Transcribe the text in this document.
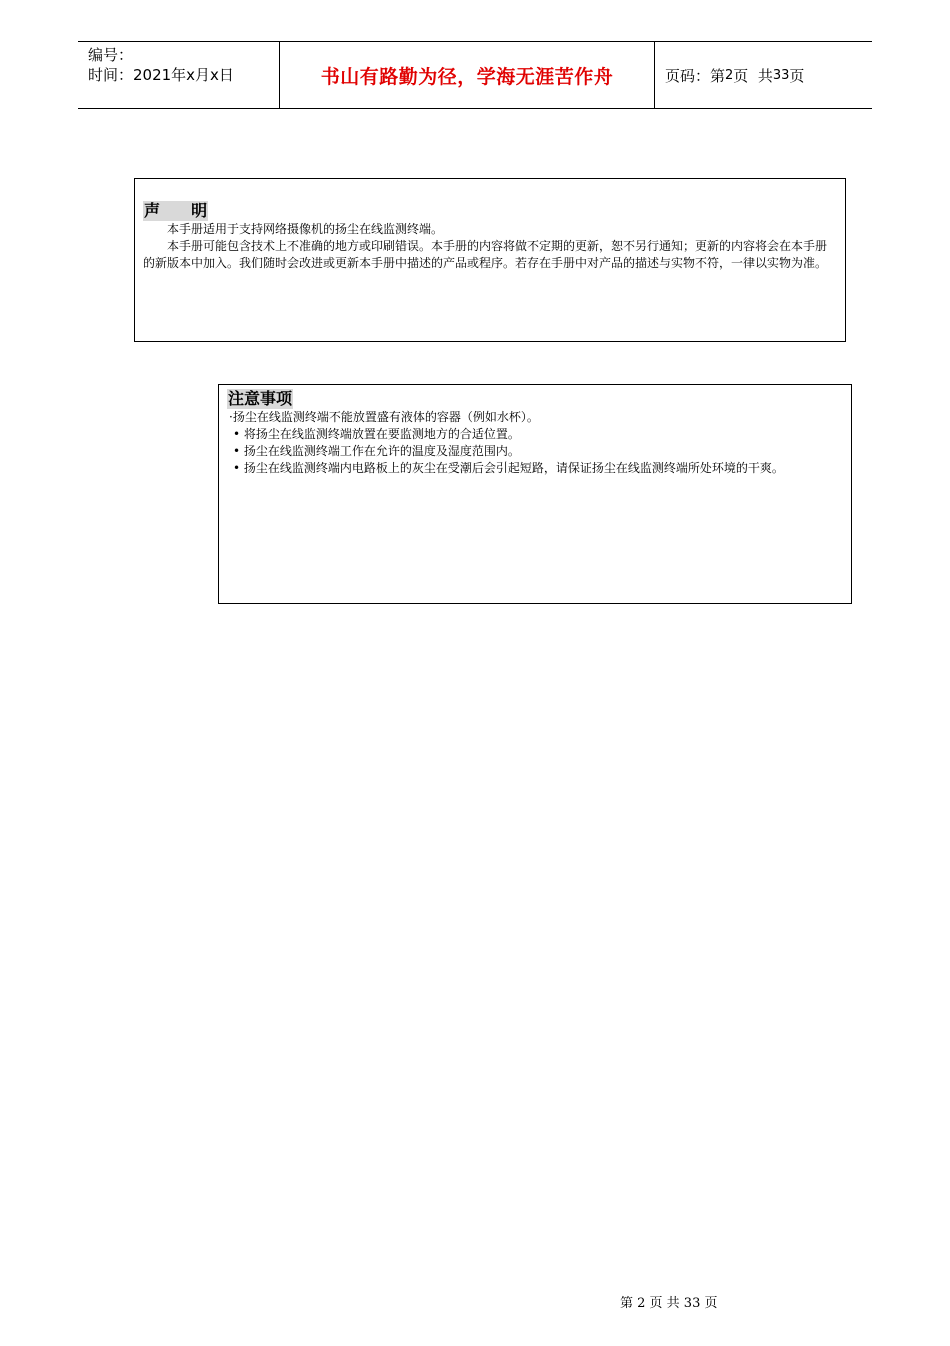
编号：
时间：2021年x月x日	书山有路勤为径，学海无涯苦作舟	页码：第 2 页  共 33 页
声  明

本手册适用于支持网络摄像机的扬尘在线监测终端。

本手册可能包含技术上不准确的地方或印刷错误。本手册的内容将做不定期的更新，恕不另行通知；更新的内容将会在本手册的新版本中加入。我们随时会改进或更新本手册中描述的产品或程序。若存在手册中对产品的描述与实物不符，一律以实物为准。

注意事项

·扬尘在线监测终端不能放置盛有液体的容器（例如水杯）。

• 将扬尘在线监测终端放置在要监测地方的合适位置。

• 扬尘在线监测终端工作在允许的温度及湿度范围内。

• 扬尘在线监测终端内电路板上的灰尘在受潮后会引起短路，请保证扬尘在线监测终端所处环境的干爽。

第 2 页 共 33 页
